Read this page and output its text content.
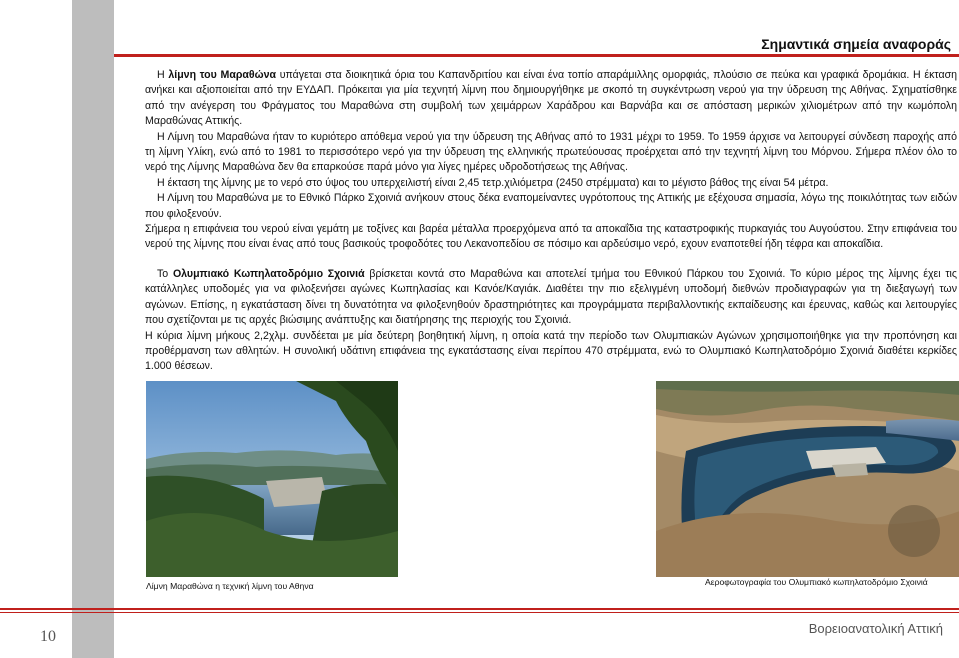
Σημαντικά σημεία αναφοράς

Η λίμνη του Μαραθώνα υπάγεται στα διοικητικά όρια του Καπανδριτίου και είναι ένα τοπίο απαράμιλλης ομορφιάς, πλούσιο σε πεύκα και γραφικά δρομάκια. Η έκταση ανήκει και αξιοποιείται από την ΕΥΔΑΠ. Πρόκειται για μία τεχνητή λίμνη που δημιουργήθηκε με σκοπό τη συγκέντρωση νερού για την ύδρευση της Αθήνας. Σχηματίσθηκε από την ανέγερση του Φράγματος του Μαραθώνα στη συμβολή των χειμάρρων Χαράδρου και Βαρνάβα και σε απόσταση μερικών χιλιομέτρων από την κωμόπολη Μαραθώνας Αττικής.

Η Λίμνη του Μαραθώνα ήταν το κυριότερο απόθεμα νερού για την ύδρευση της Αθήνας από το 1931 μέχρι το 1959. Το 1959 άρχισε να λειτουργεί σύνδεση παροχής από τη λίμνη Υλίκη, ενώ από το 1981 το περισσότερο νερό για την ύδρευση της ελληνικής πρωτεύουσας προέρχεται από την τεχνητή λίμνη του Μόρνου. Σήμερα πλέον όλο το νερό της Λίμνης Μαραθώνα δεν θα επαρκούσε παρά μόνο για λίγες ημέρες υδροδοτήσεως της Αθήνας.

Η έκταση της λίμνης με το νερό στο ύψος του υπερχειλιστή είναι 2,45 τετρ.χιλιόμετρα (2450 στρέμματα) και το μέγιστο βάθος της είναι 54 μέτρα.

Η Λίμνη του Μαραθώνα με το Εθνικό Πάρκο Σχοινιά ανήκουν στους δέκα εναπομείναντες υγρότοπους της Αττικής με εξέχουσα σημασία, λόγω της ποικιλότητας των ειδών που φιλοξενούν.

Σήμερα η επιφάνεια του νερού είναι γεμάτη με τοξίνες και βαρέα μέταλλα προερχόμενα από τα αποκαΐδια της καταστροφικής πυρκαγιάς του Αυγούστου. Στην επιφάνεια του νερού της λίμνης που είναι ένας από τους βασικούς τροφοδότες του Λεκανοπεδίου σε πόσιμο και αρδεύσιμο νερό, εχουν εναποτεθεί ήδη τέφρα και αποκαΐδια.

Το Ολυμπιακό Κωπηλατοδρόμιο Σχοινιά βρίσκεται κοντά στο Μαραθώνα και αποτελεί τμήμα του Εθνικού Πάρκου του Σχοινιά. Το κύριο μέρος της λίμνης έχει τις κατάλληλες υποδομές για να φιλοξενήσει αγώνες Κωπηλασίας και Κανόε/Καγιάκ. Διαθέτει την πιο εξελιγμένη υποδομή διεθνών προδιαγραφών για τη διεξαγωγή των αγώνων. Επίσης, η εγκατάσταση δίνει τη δυνατότητα να φιλοξενηθούν δραστηριότητες και προγράμματα περιβαλλοντικής εκπαίδευσης και έρευνας, καθώς και λειτουργίες που σχετίζονται με τις αρχές βιώσιμης ανάπτυξης και διατήρησης της περιοχής του Σχοινιά.

Η κύρια λίμνη μήκους 2,2χλμ. συνδέεται με μία δεύτερη βοηθητική λίμνη, η οποία κατά την περίοδο των Ολυμπιακών Αγώνων χρησιμοποιήθηκε για την προπόνηση και προθέρμανση των αθλητών. Η συνολική υδάτινη επιφάνεια της εγκατάστασης είναι περίπου 470 στρέμματα, ενώ το Ολυμπιακό Κωπηλατοδρόμιο Σχοινιά διαθέτει κερκίδες 1.000 θέσεων.

Λίμνη Μαραθώνα η τεχνική λίμνη του Αθηνα	Αεροφωτογραφία του Ολυμπιακό κωπηλατοδρόμιο Σχοινιά
10	Βορειοανατολική Αττική
